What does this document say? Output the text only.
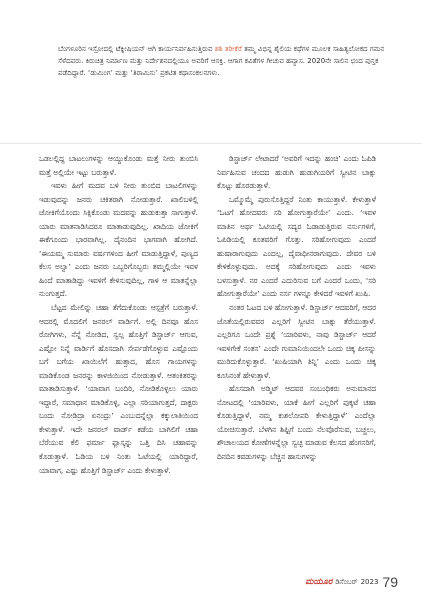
ಬೆಂಗಳೂರಿನ ಇಸ್ರೋದಲ್ಲಿ ಟೆಕ್ನೀಷಿಯನ್ ಆಗಿ ಕಾರ್ಯನಿರ್ವಹಿಸುತ್ತಿರುವ ಶಶಿ ತರೀಕೆರೆ ತಮ್ಮ ವಿಭಿನ್ನ ಶೈಲಿಯ ಕಥೆಗಳ ಮೂಲಕ ಸಾಹಿತ್ಯಲೋಕದ ಗಮನ ಸೆಳೆದವರು. ಕಿರುಚಿತ್ರ ನಿರ್ಮಾಣ ಮತ್ತು ನಿರ್ದೇಶನದಲ್ಲಿಯೂ ಅವರಿಗೆ ಆಸಕ್ತಿ. ಆಗಾಗ ಕವಿತೆಗಳ ಗೀಚುವ ಹವ್ಯಾಸ. 2020ನೇ ಸಾಲಿನ ಛಂದ ಪುಸ್ತಕ ಪಡೆದಿದ್ದಾರೆ. ‘ಡುಮಿಂಗ’ ಮತ್ತು ‘ತಿರಾಮಿಸು’ ಪ್ರಕಟಿತ ಕಥಾಸಂಕಲನಗಳು.

ಒಡಲಲ್ಲಿದ್ದ ಬಾಟಲುಗಳನ್ನು ಆಯ್ದುಕೊಂಡು ಮತ್ತೆ ನೀರು ತುಂಬಿಸಿ ಮತ್ತೆ ಅಲ್ಲಿಯೇ ಇಟ್ಟು ಬರುತ್ತಾಳೆ.

ಇವಳು ಹೀಗೆ ಮದವ ಬಳಿ ನೀರು ತುಂಬಿದ ಬಾಟಲಿಗಳನ್ನು ಇಡುವುದನ್ನು ಜನರು ಚಕಿತರಾಗಿ ನೋಡುತ್ತಾರೆ. ಖಾಲಿಬಳಿಲ್ಲಿ ಜೋಕಿಗೆಯೊಂದು ಸಿಕ್ಸಿಕೊಂಡು ಮದವನ್ನು ಹುಡುಕುತ್ತಾ ಸಾಗುತ್ತಾಳೆ. ಯಾರು ಮಾತನಾಡಿಸಿದರೂ ಮಾತಾಡುವುದಿಲ್ಲ. ಖಾದಿಯ ಜೋಕಿಗೆ ಈಕೆಗೂಂದು ಭಾರವಾಗಿಲ್ಲ. ದೈನಂದಿನ ಭಾಗವಾಗಿ ಹೋಗಿದೆ. ‘ಈಯಮ್ಮ ಸುಮಾರು ವರ್ಷಗಳಿಂದ ಹೀಗೆ ಮಾಡುತ್ತಿದ್ದಾಳೆ, ಪುಣ್ಯದ ಕೆಲಸ ಅಲ್ವಾ’ ಎಂದು ಜನರು ಒಬ್ಬರಿಗೊಬ್ಬರು ತಮ್ಮಲ್ಲಿಯೇ ಇವಳ ಹಿಂದೆ ಮಾತಾಡಿದ್ದು ಇವಳಿಗೆ ಕೇಳಿಸುವುದಿಲ್ಲ, ಗಾಳಿ ಆ ಮಾತನ್ನೆಲ್ಲಾ ನುಂಗುತ್ತದೆ.

ಬೆಟ್ಟದ ಮೇಲಿನ್ನು ಚಹಾ ತೆಗೆದುಕೊಂಡು ಆಸ್ಪತ್ರೆಗೆ ಬರುತ್ತಾಳೆ. ಆದರಲ್ಲಿ ಮೊದಲಿಗೆ ಜನರಲ್ ವಾರ್ಡಿಗೆ. ಅಲ್ಲಿ ದಿನವೂ ಹೊಸ ರೋಗಿಗಳು, ನೆನ್ನೆ ನೋಡಿದ, ಸ್ವಲ್ಪ ಹೊತ್ತಿಗೆ ಡಿಸ್ಚಾರ್ಜ್ ಆಗುವ, ಎಷ್ಟೋ ನಿನ್ನೆ ವಾರ್ಡಿಗೆ ಹೊಸದಾಗಿ ಸೇರ್ಪಡೆಗೊಳ್ಳುವ ಎಷ್ಟೊಂದು ಬಗೆ ಬಗೆಯ ಖಾಯಿಲೆಗೆ ಹುತ್ತಾದ, ಹೊಸ ಗಾಯಗಳನ್ನು ಮಾಡಿಕೊಂಡ ಜನರನ್ನು ಕಾಳಜಿಯಿಂದ ನೋಡುತ್ತಾಳೆ. ಆತಂಕಿತರನ್ನು ಮಾತಾಡಿಸುತ್ತಾಳೆ. ‘ಯಾವಾಗ ಬಂದಿರಿ, ನೋಡಿಕೊಳ್ಳಲು ಯಾರು ಇದ್ದಾರೆ, ಸಮಾಧಾನ ಮಾಡಿಕೊಳ್ಳಿ, ಎಲ್ಲಾ ಸರಿಯಾಗುತ್ತದೆ, ದಾಕ್ಟರು ಬಂದು ನೋಡಿದ್ರಾ ಏನಂದ್ರು’ ಎಂಬುದನ್ನೆಲ್ಲಾ ಕಕ್ಕುಲಾತಿಯಿಂದ ಕೇಳುತ್ತಾಳೆ. ಇದೇ ಜನರಲ್ ವಾರ್ಡ್ ಕಡೆಯ ಬಾಗಿಲಿಗೆ ಚಹಾ ಬೆರೆಯುವ ಕೆಲಿ ಫರ್ಮಾ ಫ್ಲಾಸ್ಕನ್ನು ಒತ್ತಿ ದಿಸಿ ಚಹಾವನ್ನು ಕೊಡುತ್ತಾಳೆ. ಓಡಿಯ ಬಳಿ ನಿಂತು ಓಟೆಯಲ್ಲಿ ಯಾರಿದ್ದಾರೆ, ಯಾವಾಗ, ಎಷ್ಟು ಹೊತ್ತಿಗೆ ಡಿಸ್ಚಾರ್ಜ್ ಎಂದು ಕೇಳುತ್ತಾಳೆ.

ಡಿಸ್ಚಾರ್ಜ್ ಲೇಟಾದರೆ ‘ಅವರಿಗೆ ಇದನ್ನು ಹಂಚಿ’ ಎಂದು ಓಪಿಡಿ ನಿರ್ವಹಿಸುವ ಚಂದದ ಹುಡುಗಿ ಹುಡುಗಿಯರಿಗೆ ಸ್ವೀಟಿನ ಬಾಕ್ಸು ಕೊಟ್ಟು ಹೊರಡುತ್ತಾಳೆ.

ಒಮ್ಮೊಮ್ಮೆ ಪುರುಸೊತ್ತಿದ್ದರೆ ನಿಂತು ಕಾಯುತ್ತಾಳೆ. ಕೇಳುತ್ತಾಳೆ ‘ಓಟಗೆ ಹೋದವರು ಸರಿ ಹೋಗುತ್ತಾರೆಯೇ’ ಎಂದು. ‘ಇವಳ ಮಾತಿನ ಅರ್ಥ ಓಟಿಯಲ್ಲಿ ಸದ್ಯರ ಓಡಾಡುತ್ತಿರುವ ನರ್ಸುಗಳಿಗೆ, ಓಪಿಡಿಯಲ್ಲಿ ಕೂತವರಿಗೆ ಗೊತ್ತು. ಸರಿಹೋಗುವುದು ಎಂದರೆ ಹುಷಾರಾಗುವುದು ಎಂದಲ್ಲ, ದೈವಾಧೀನರಾಗುವುದು. ದೇವರ ಬಳಿ ಕೇಳಿಕೊಳ್ಳುವುದು. ಅದಕ್ಕೆ ಸರಿಹೋಗುವುದು ಎಂದು ಇವಳು ಬಳಸುತ್ತಾಳೆ. ನರ ಎಂದರೆ ಎದುರಿಸುವ ಬಗೆ ಎಂದರೆ ಒಂದು, ‘ಸರಿ ಹೋಗುತ್ತಾರೆಯೇ’ ಎಂದು ನರ್ಸ ಗಳನ್ನೂ ಕೇಳಿದರೆ ಇವಳಿಗೆ ಖುಷಿ.

ನಂತರ ಓಟದ ಬಳಿ ಹೋಗುತ್ತಾಳೆ. ಡಿಸ್ಚಾರ್ಜ್ ಆದವರಿಗೆ, ಆದರ ಜೊತೆಯಲ್ಲಿರುವವರ ಎಲ್ಲರಿಗೆ ಸ್ವೀಟಿನ ಬಾಕ್ಸು ತೆರೆಯುತ್ತಾಳೆ. ಎಲ್ಲರಿಗೂ ಒಂದೇ ಪ್ರಶ್ನೆ ‘ಯಾರಿವಳು, ನಾವು ಡಿಸ್ಚಾರ್ಜ್ ಆದರೆ ಇವಳಿಗೇಕೆ ಸಂತಸ’ ಎಂದೇ ಗುಮಾನಿಯಿಂದಲೇ ಒಂದು ಚಿಕ್ಕ ಪೀಸನ್ನು ಮುರಿದುಕೊಳ್ಳುತ್ತಾರೆ. ‘ಖುಷಿಯಾಗಿ ತಿನ್ನಿ’ ಎಂದು ಒಂದು ಚಿಕ್ಕ ಕೂಸಿನಂತೆ ಹೇಳುತ್ತಾಳೆ.

ಹೊಸದಾಗಿ ಅಡ್ಮಿಟ್ ಆದವರ ಸಂಬಂಧಿಕರು ಅನುಮಾನದ ನೋಟದಲ್ಲಿ ‘ಯಾರಿವಳು, ಯಾಕೆ ಹೀಗೆ ಎಲ್ಲರಿಗೆ ಪುಕ್ಕಟೆ ಚಹಾ ಕೊಡುತ್ತಿದ್ದಾಳೆ, ನಮ್ಮ ಕುಶಲೋಪರಿ ಕೇಳುತ್ತಿದ್ದಾಳೆ’ ಎಂದೆಲ್ಲಾ ಯೋಚಿಸುತ್ತಾರೆ. ಬೆಳಗಿನ ಶಿಫ್ಟಿಗೆ ಬಂದು ನೆಲವೊರೆಸುವ, ಬಚ್ಚಲು, ಶೌಚಾಲಯದ ಕೋಣೆಗಳನ್ನೆಲ್ಲಾ ಸ್ವಚ್ಛ ಮಾಡುವ ಕೆಲಸದ ಹೆಂಗಸರಿಗೆ, ದಿನದಿನ ಕವಡುಗಳನ್ನು ಬೆಚ್ಚಿನ ಹಾಸುಗಳನ್ನು

ಮಯೂರ ಡಿಸೆಂಬರ್ 2023 79
